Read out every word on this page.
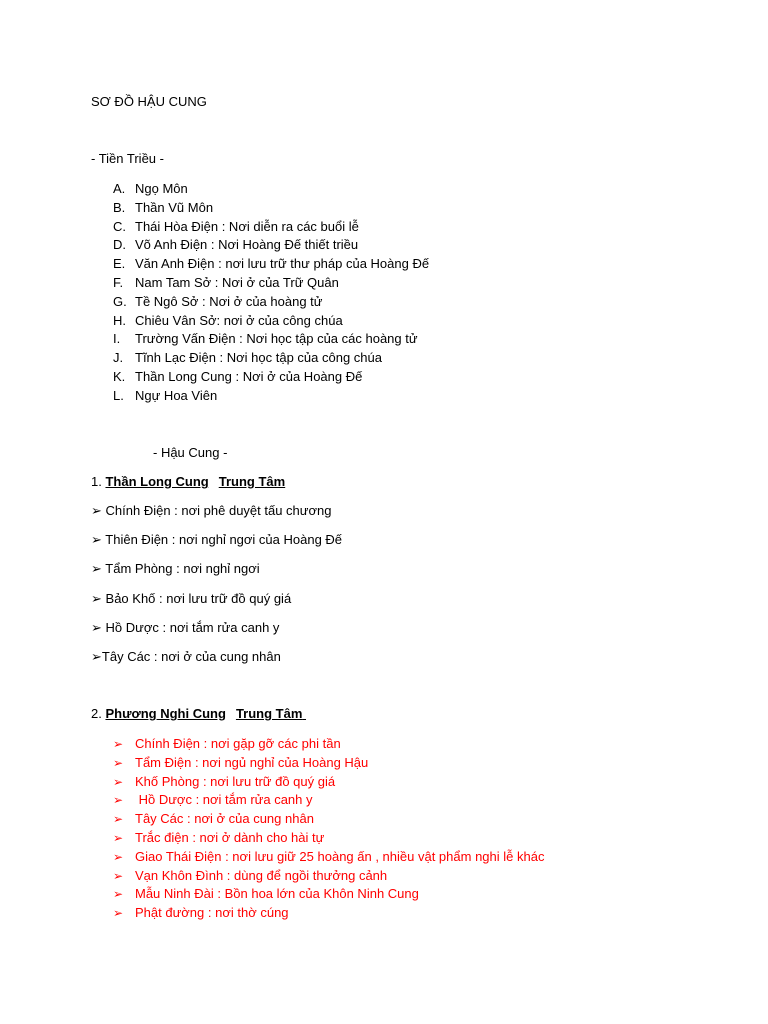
SƠ ĐỒ HẬU CUNG
- Tiền Triều -
A. Ngọ Môn
B. Thần Vũ Môn
C. Thái Hòa Điện : Nơi diễn ra các buổi lễ
D. Võ Anh Điện : Nơi Hoàng Đế thiết triều
E. Văn Anh Điện : nơi lưu trữ thư pháp của Hoàng Đế
F. Nam Tam Sở : Nơi ở của Trữ Quân
G. Tề Ngô Sở : Nơi ở của hoàng tử
H. Chiêu Vân Sở: nơi ở của công chúa
I. Trường Vấn Điện : Nơi học tập của các hoàng tử
J. Tĩnh Lạc Điện : Nơi học tập của công chúa
K. Thần Long Cung : Nơi ở của Hoàng Đế
L. Ngự Hoa Viên
- Hậu Cung -
1. Thần Long Cung Trung Tâm
➢ Chính Điện : nơi phê duyệt tấu chương
➢ Thiên Điện : nơi nghỉ ngơi của Hoàng Đế
➢ Tẩm Phòng : nơi nghỉ ngơi
➢ Bảo Khố : nơi lưu trữ đồ quý giá
➢ Hồ Dược : nơi tắm rửa canh y
➢Tây Các : nơi ở của cung nhân
2. Phương Nghi Cung Trung Tâm
➢ Chính Điện : nơi gặp gỡ các phi tần
➢ Tẩm Điện : nơi ngủ nghỉ của Hoàng Hậu
➢ Khố Phòng : nơi lưu trữ đồ quý giá
➢ Hồ Dược : nơi tắm rửa canh y
➢ Tây Các : nơi ở của cung nhân
➢ Trắc điện : nơi ở dành cho hài tự
➢ Giao Thái Điện : nơi lưu giữ 25 hoàng ấn , nhiều vật phẩm nghi lễ khác
➢ Vạn Khôn Đình : dùng để ngồi thưởng cảnh
➢ Mẫu Ninh Đài : Bồn hoa lớn của Khôn Ninh Cung
➢ Phật đường : nơi thờ cúng
